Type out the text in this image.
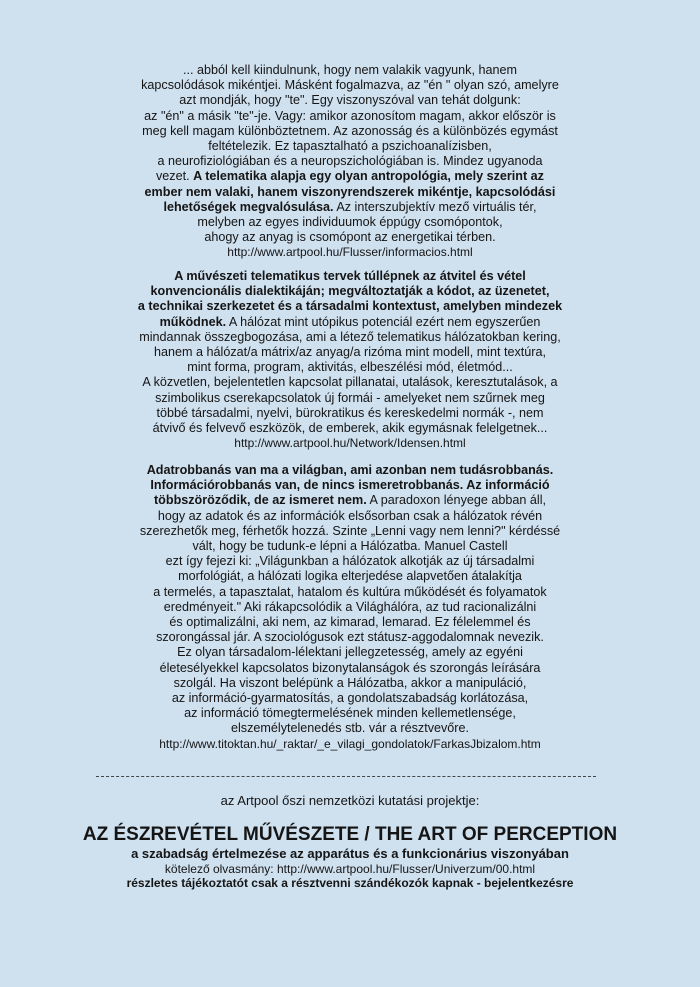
... abból kell kiindulnunk, hogy nem valakik vagyunk, hanem
kapcsolódások mikéntjei. Másként fogalmazva, az "én " olyan szó, amelyre
azt mondják, hogy "te". Egy viszonyszóval van tehát dolgunk:
az "én" a másik "te"-je. Vagy: amikor azonosítom magam, akkor először is
meg kell magam különböztetnem. Az azonosság és a különbözés egymást
feltételezik. Ez tapasztalható a pszichoanalízisben,
a neurofiziológiában és a neuropszichológiában is. Mindez ugyanoda
vezet. A telematika alapja egy olyan antropológia, mely szerint az
ember nem valaki, hanem viszonyrendszerek mikéntje, kapcsolódási
lehetőségek megvalósulása. Az interszubjektív mező virtuális tér,
melyben az egyes individuumok éppúgy csomópontok,
ahogy az anyag is csomópont az energetikai térben.
http://www.artpool.hu/Flusser/informacios.html
A művészeti telematikus tervek túllépnek az átvitel és vétel
konvencionális dialektikáján; megváltoztatják a kódot, az üzenetet,
a technikai szerkezetet és a társadalmi kontextust, amelyben mindezek
működnek. A hálózat mint utópikus potenciál ezért nem egyszerűen
mindannak összegbogozása, ami a létező telematikus hálózatokban kering,
hanem a hálózat/a mátrix/az anyag/a rizóma mint modell, mint textúra,
mint forma, program, aktivitás, elbeszélési mód, életmód...
A közvetlen, bejelentetlen kapcsolat pillanatai, utalások, keresztutalások, a
szimbolikus cserekapcsolatok új formái - amelyeket nem szűrnek meg
többé társadalmi, nyelvi, bürokratikus és kereskedelmi normák -, nem
átvivő és felvevő eszközök, de emberek, akik egymásnak felelgetnek...
http://www.artpool.hu/Network/Idensen.html
Adatrobbanás van ma a világban, ami azonban nem tudásrobbanás.
Információrobbanás van, de nincs ismeretrobbanás. Az információ
többszöröződik, de az ismeret nem. A paradoxon lényege abban áll,
hogy az adatok és az információk elsősorban csak a hálózatok révén
szerezhetők meg, férhetők hozzá. Szinte „Lenni vagy nem lenni?" kérdéssé
vált, hogy be tudunk-e lépni a Hálózatba. Manuel Castell
ezt így fejezi ki: „Világunkban a hálózatok alkotják az új társadalmi
morfológiát, a hálózati logika elterjedése alapvetően átalakítja
a termelés, a tapasztalat, hatalom és kultúra működését és folyamatok
eredményeit." Aki rákapcsolódik a Világhálóra, az tud racionalizálni
és optimalizálni, aki nem, az kimarad, lemarad. Ez félelemmel és
szorongással jár. A szociológusok ezt státusz-aggodalomnak nevezik.
Ez olyan társadalom-lélektani jellegzetesség, amely az egyéni
életesélyekkel kapcsolatos bizonytalanságok és szorongás leírására
szolgál. Ha viszont belépünk a Hálózatba, akkor a manipuláció,
az információ-gyarmatosítás, a gondolatszabadság korlátozása,
az információ tömegtermelésének minden kellemetlensége,
elszemélytelenedés stb. vár a résztvevőre.
http://www.titoktan.hu/_raktar/_e_vilagi_gondolatok/FarkasJbizalom.htm
az Artpool őszi nemzetközi kutatási projektje:
AZ ÉSZREVÉTEL MŰVÉSZETE / THE ART OF PERCEPTION
a szabadság értelmezése az apparátus és a funkcionárius viszonyában
kötelező olvasmány: http://www.artpool.hu/Flusser/Univerzum/00.html
részletes tájékoztatót csak a résztvenni szándékozók kapnak - bejelentkezésre
